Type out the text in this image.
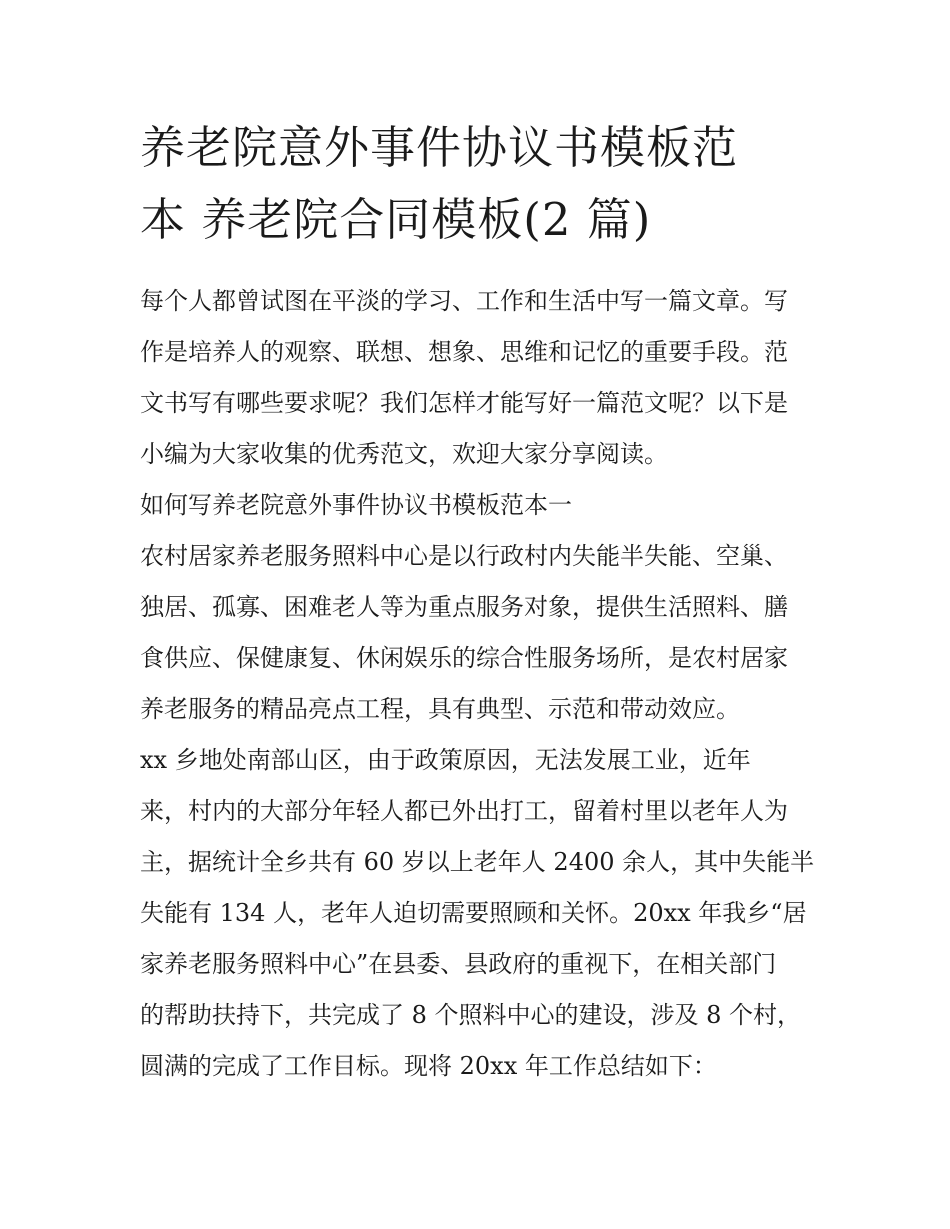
养老院意外事件协议书模板范
本 养老院合同模板(2 篇)
每个人都曾试图在平淡的学习、工作和生活中写一篇文章。写
作是培养人的观察、联想、想象、思维和记忆的重要手段。范
文书写有哪些要求呢？我们怎样才能写好一篇范文呢？以下是
小编为大家收集的优秀范文，欢迎大家分享阅读。
如何写养老院意外事件协议书模板范本一
农村居家养老服务照料中心是以行政村内失能半失能、空巢、
独居、孤寡、困难老人等为重点服务对象，提供生活照料、膳
食供应、保健康复、休闲娱乐的综合性服务场所，是农村居家
养老服务的精品亮点工程，具有典型、示范和带动效应。
xx 乡地处南部山区，由于政策原因，无法发展工业，近年
来，村内的大部分年轻人都已外出打工，留着村里以老年人为
主，据统计全乡共有 60 岁以上老年人 2400 余人，其中失能半
失能有 134 人，老年人迫切需要照顾和关怀。20xx 年我乡“居
家养老服务照料中心”在县委、县政府的重视下，在相关部门
的帮助扶持下，共完成了 8 个照料中心的建设，涉及 8 个村，
圆满的完成了工作目标。现将 20xx 年工作总结如下：
